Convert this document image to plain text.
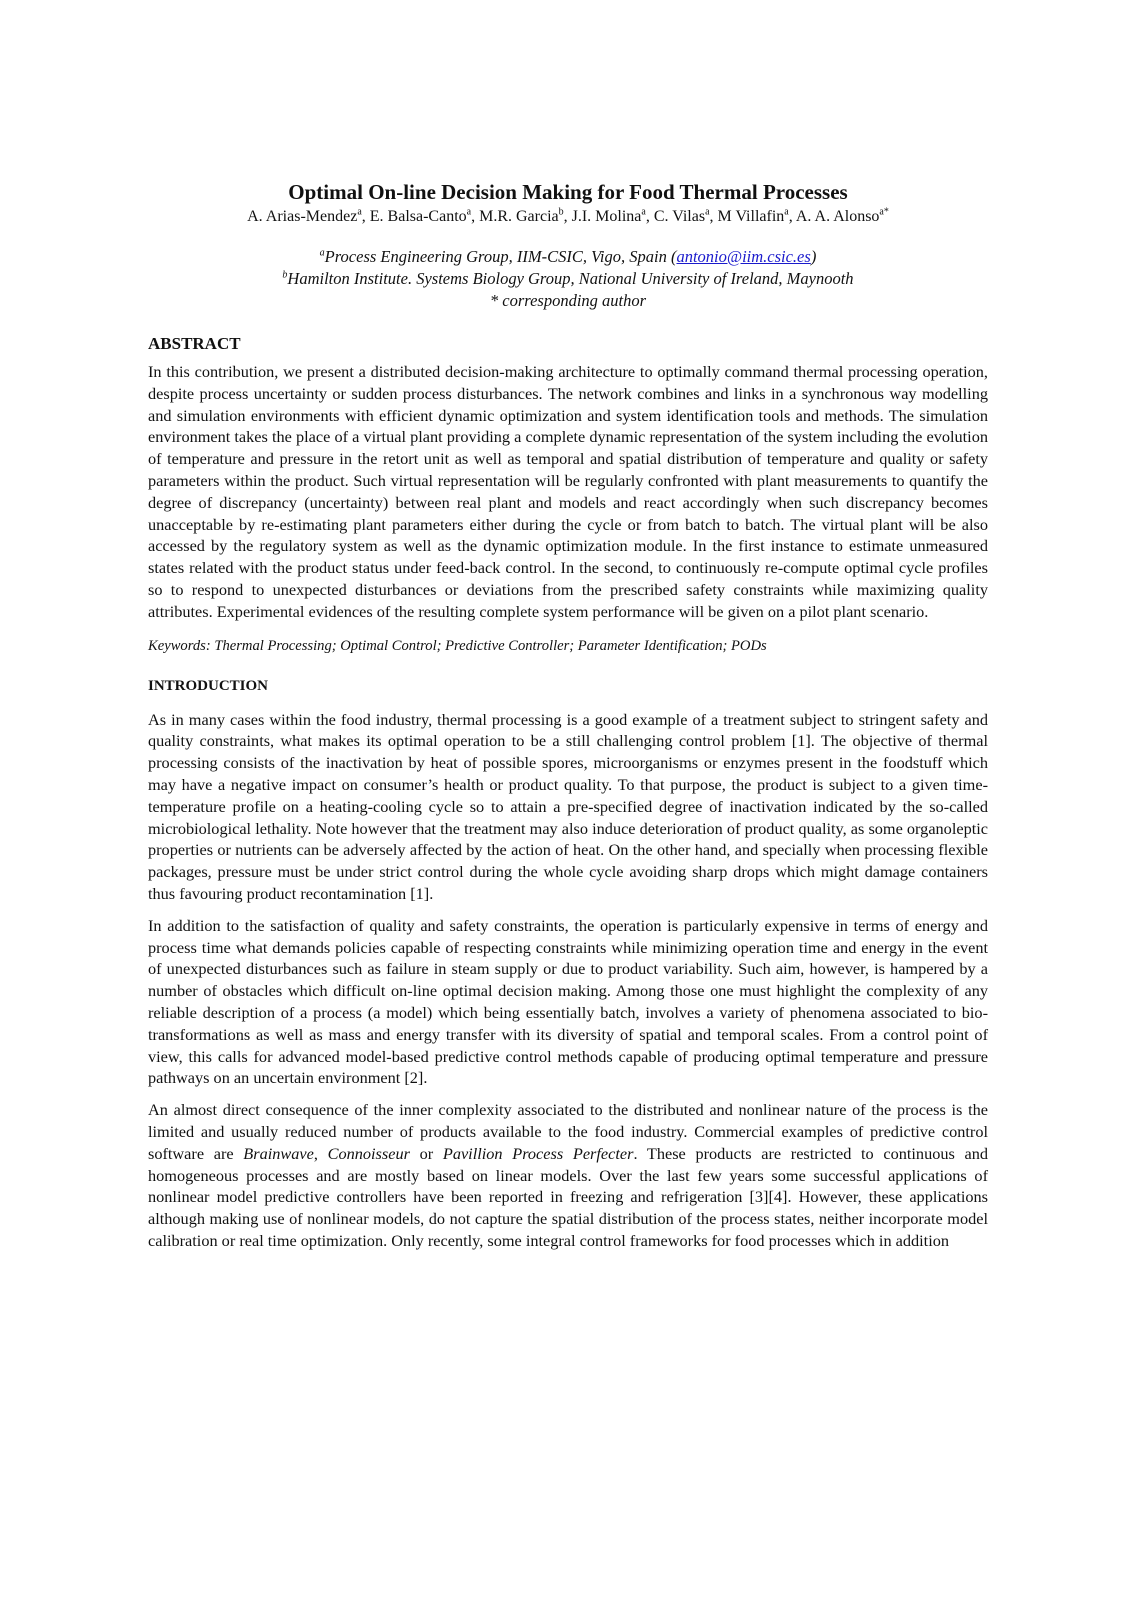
Optimal On-line Decision Making for Food Thermal Processes
A. Arias-Mendez$^a$, E. Balsa-Canto$^a$, M.R. Garcia$^b$, J.I. Molina$^a$, C. Vilas$^a$, M Villafin$^a$, A. A. Alonso$^{a*}$
$^a$Process Engineering Group, IIM-CSIC, Vigo, Spain (antonio@iim.csic.es)
$^b$Hamilton Institute. Systems Biology Group, National University of Ireland, Maynooth
* corresponding author
ABSTRACT

In this contribution, we present a distributed decision-making architecture to optimally command thermal processing operation, despite process uncertainty or sudden process disturbances. The network combines and links in a synchronous way modelling and simulation environments with efficient dynamic optimization and system identification tools and methods. The simulation environment takes the place of a virtual plant providing a complete dynamic representation of the system including the evolution of temperature and pressure in the retort unit as well as temporal and spatial distribution of temperature and quality or safety parameters within the product. Such virtual representation will be regularly confronted with plant measurements to quantify the degree of discrepancy (uncertainty) between real plant and models and react accordingly when such discrepancy becomes unacceptable by re-estimating plant parameters either during the cycle or from batch to batch. The virtual plant will be also accessed by the regulatory system as well as the dynamic optimization module. In the first instance to estimate unmeasured states related with the product status under feed-back control. In the second, to continuously re-compute optimal cycle profiles so to respond to unexpected disturbances or deviations from the prescribed safety constraints while maximizing quality attributes. Experimental evidences of the resulting complete system performance will be given on a pilot plant scenario.

Keywords: Thermal Processing; Optimal Control; Predictive Controller; Parameter Identification; PODs

INTRODUCTION

As in many cases within the food industry, thermal processing is a good example of a treatment subject to stringent safety and quality constraints, what makes its optimal operation to be a still challenging control problem [1]. The objective of thermal processing consists of the inactivation by heat of possible spores, microorganisms or enzymes present in the foodstuff which may have a negative impact on consumer’s health or product quality. To that purpose, the product is subject to a given time-temperature profile on a heating-cooling cycle so to attain a pre-specified degree of inactivation indicated by the so-called microbiological lethality. Note however that the treatment may also induce deterioration of product quality, as some organoleptic properties or nutrients can be adversely affected by the action of heat. On the other hand, and specially when processing flexible packages, pressure must be under strict control during the whole cycle avoiding sharp drops which might damage containers thus favouring product recontamination [1].

In addition to the satisfaction of quality and safety constraints, the operation is particularly expensive in terms of energy and process time what demands policies capable of respecting constraints while minimizing operation time and energy in the event of unexpected disturbances such as failure in steam supply or due to product variability. Such aim, however, is hampered by a number of obstacles which difficult on-line optimal decision making. Among those one must highlight the complexity of any reliable description of a process (a model) which being essentially batch, involves a variety of phenomena associated to bio-transformations as well as mass and energy transfer with its diversity of spatial and temporal scales. From a control point of view, this calls for advanced model-based predictive control methods capable of producing optimal temperature and pressure pathways on an uncertain environment [2].

An almost direct consequence of the inner complexity associated to the distributed and nonlinear nature of the process is the limited and usually reduced number of products available to the food industry. Commercial examples of predictive control software are Brainwave, Connoisseur or Pavillion Process Perfecter. These products are restricted to continuous and homogeneous processes and are mostly based on linear models. Over the last few years some successful applications of nonlinear model predictive controllers have been reported in freezing and refrigeration [3][4]. However, these applications although making use of nonlinear models, do not capture the spatial distribution of the process states, neither incorporate model calibration or real time optimization. Only recently, some integral control frameworks for food processes which in addition
